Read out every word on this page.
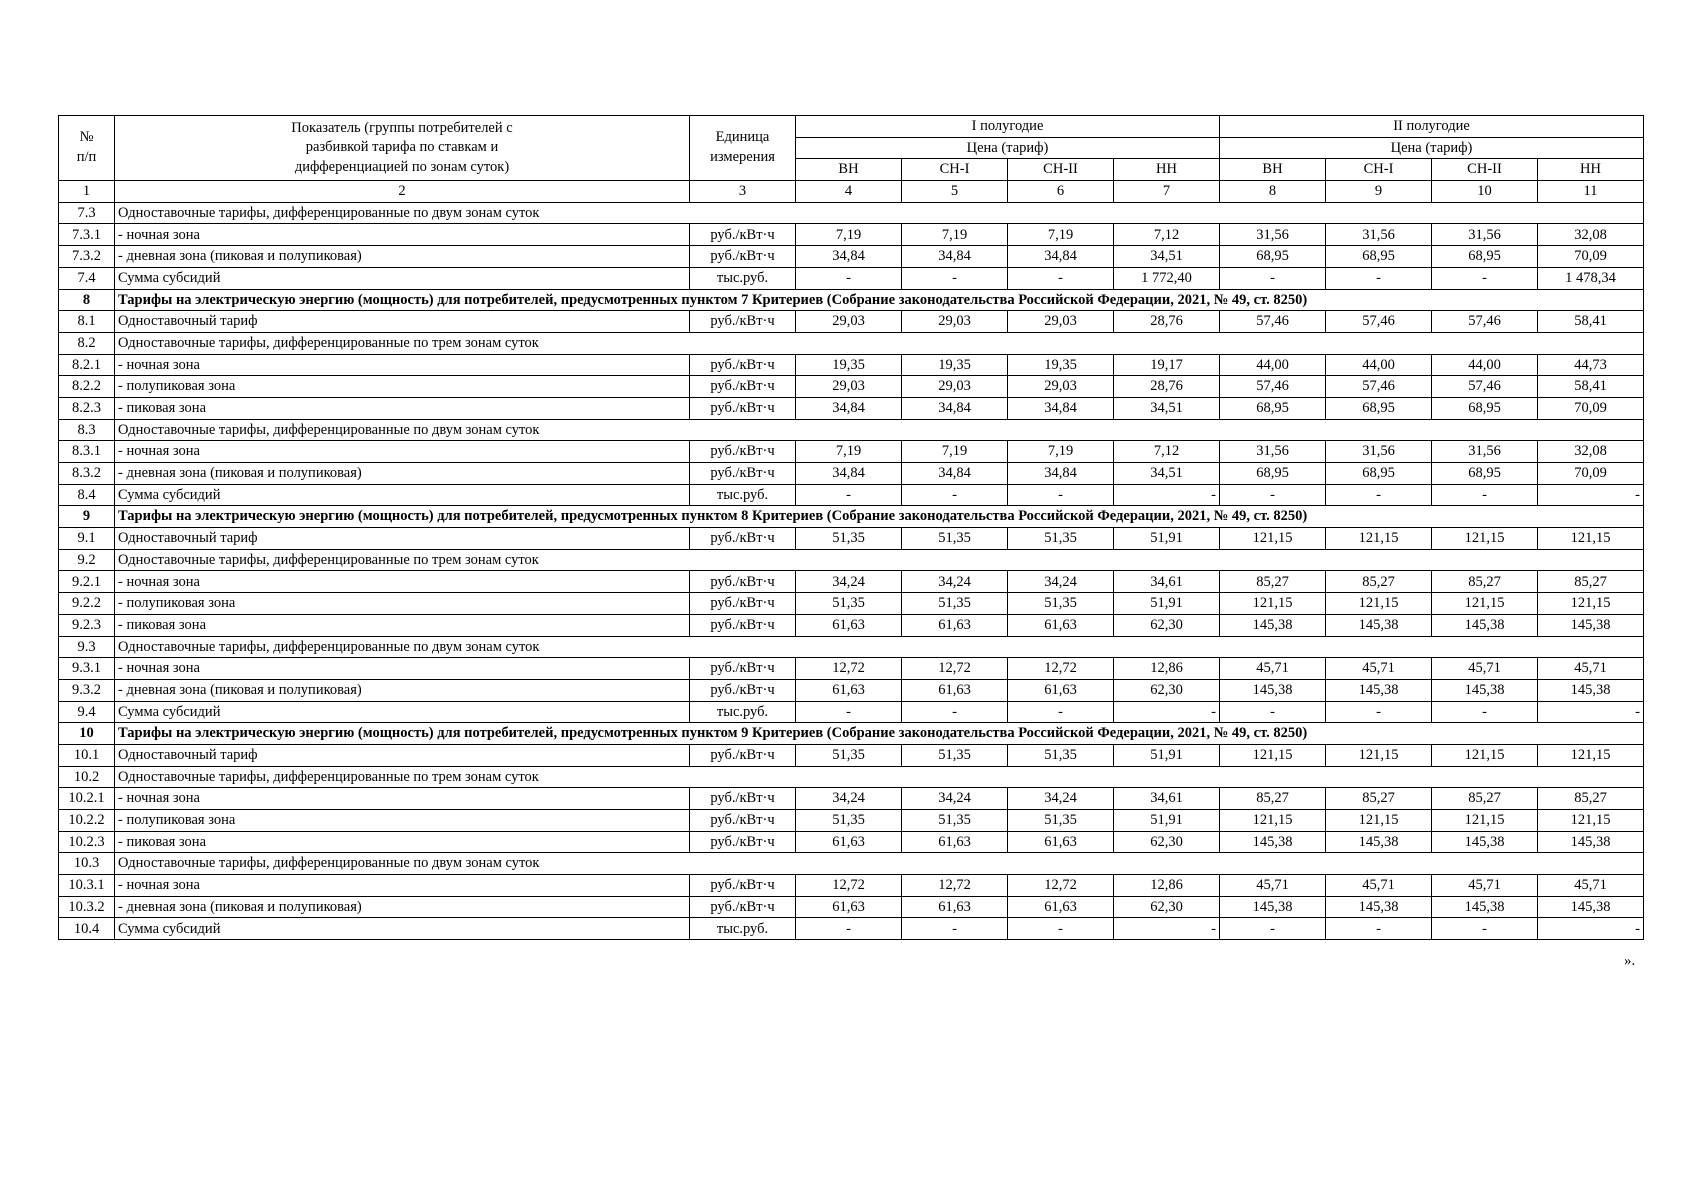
№
п/п	Показатель (группы потребителей с
разбивкой тарифа по ставкам и
дифференциацией по зонам суток)	Единица
измерения	I полугодие				II полугодие			
			Цена (тариф)				Цена (тариф)			
			ВН	СН-I	СН-II	НН	ВН	СН-I	СН-II	НН
1	2	3	4	5	6	7	8	9	10	11
7.3	Одноставочные тарифы, дифференцированные по двум зонам суток									
7.3.1	- ночная зона	руб./кВт·ч	7,19	7,19	7,19	7,12	31,56	31,56	31,56	32,08
7.3.2	- дневная зона (пиковая и полупиковая)	руб./кВт·ч	34,84	34,84	34,84	34,51	68,95	68,95	68,95	70,09
7.4	Сумма субсидий	тыс.руб.	-	-	-	1 772,40	-	-	-	1 478,34
8	Тарифы на электрическую энергию (мощность) для потребителей, предусмотренных пунктом 7 Критериев (Собрание законодательства Российской Федерации, 2021, № 49, ст. 8250)									
8.1	Одноставочный тариф	руб./кВт·ч	29,03	29,03	29,03	28,76	57,46	57,46	57,46	58,41
8.2	Одноставочные тарифы, дифференцированные по трем зонам суток									
8.2.1	- ночная зона	руб./кВт·ч	19,35	19,35	19,35	19,17	44,00	44,00	44,00	44,73
8.2.2	- полупиковая зона	руб./кВт·ч	29,03	29,03	29,03	28,76	57,46	57,46	57,46	58,41
8.2.3	- пиковая зона	руб./кВт·ч	34,84	34,84	34,84	34,51	68,95	68,95	68,95	70,09
8.3	Одноставочные тарифы, дифференцированные по двум зонам суток									
8.3.1	- ночная зона	руб./кВт·ч	7,19	7,19	7,19	7,12	31,56	31,56	31,56	32,08
8.3.2	- дневная зона (пиковая и полупиковая)	руб./кВт·ч	34,84	34,84	34,84	34,51	68,95	68,95	68,95	70,09
8.4	Сумма субсидий	тыс.руб.	-	-	-	-	-	-	-	-
9	Тарифы на электрическую энергию (мощность) для потребителей, предусмотренных пунктом 8 Критериев (Собрание законодательства Российской Федерации, 2021, № 49, ст. 8250)									
9.1	Одноставочный тариф	руб./кВт·ч	51,35	51,35	51,35	51,91	121,15	121,15	121,15	121,15
9.2	Одноставочные тарифы, дифференцированные по трем зонам суток									
9.2.1	- ночная зона	руб./кВт·ч	34,24	34,24	34,24	34,61	85,27	85,27	85,27	85,27
9.2.2	- полупиковая зона	руб./кВт·ч	51,35	51,35	51,35	51,91	121,15	121,15	121,15	121,15
9.2.3	- пиковая зона	руб./кВт·ч	61,63	61,63	61,63	62,30	145,38	145,38	145,38	145,38
9.3	Одноставочные тарифы, дифференцированные по двум зонам суток									
9.3.1	- ночная зона	руб./кВт·ч	12,72	12,72	12,72	12,86	45,71	45,71	45,71	45,71
9.3.2	- дневная зона (пиковая и полупиковая)	руб./кВт·ч	61,63	61,63	61,63	62,30	145,38	145,38	145,38	145,38
9.4	Сумма субсидий	тыс.руб.	-	-	-	-	-	-	-	-
10	Тарифы на электрическую энергию (мощность) для потребителей, предусмотренных пунктом 9 Критериев (Собрание законодательства Российской Федерации, 2021, № 49, ст. 8250)									
10.1	Одноставочный тариф	руб./кВт·ч	51,35	51,35	51,35	51,91	121,15	121,15	121,15	121,15
10.2	Одноставочные тарифы, дифференцированные по трем зонам суток									
10.2.1	- ночная зона	руб./кВт·ч	34,24	34,24	34,24	34,61	85,27	85,27	85,27	85,27
10.2.2	- полупиковая зона	руб./кВт·ч	51,35	51,35	51,35	51,91	121,15	121,15	121,15	121,15
10.2.3	- пиковая зона	руб./кВт·ч	61,63	61,63	61,63	62,30	145,38	145,38	145,38	145,38
10.3	Одноставочные тарифы, дифференцированные по двум зонам суток									
10.3.1	- ночная зона	руб./кВт·ч	12,72	12,72	12,72	12,86	45,71	45,71	45,71	45,71
10.3.2	- дневная зона (пиковая и полупиковая)	руб./кВт·ч	61,63	61,63	61,63	62,30	145,38	145,38	145,38	145,38
10.4	Сумма субсидий	тыс.руб.	-	-	-	-	-	-	-	-
».
